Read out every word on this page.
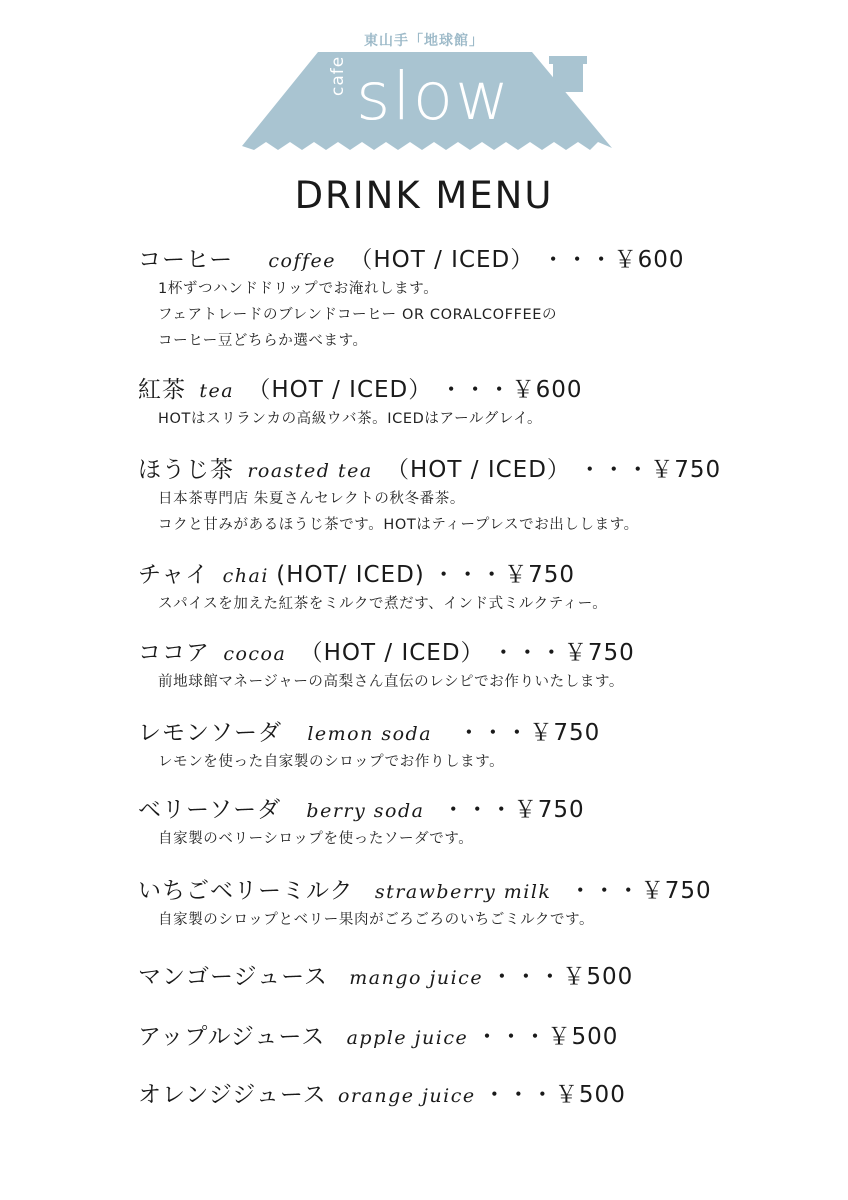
東山手「地球館」
cafe slow
DRINK MENU
コーヒー coffee （HOT / ICED） ・・・￥600
1杯ずつハンドドリップでお淹れします。
フェアトレードのブレンドコーヒー OR CORALCOFFEEの
コーヒー豆どちらか選べます。
紅茶 tea （HOT / ICED） ・・・￥600
HOTはスリランカの高級ウバ茶。ICEDはアールグレイ。
ほうじ茶 roasted tea （HOT / ICED） ・・・￥750
日本茶専門店 朱夏さんセレクトの秋冬番茶。
コクと甘みがあるほうじ茶です。HOTはティープレスでお出しします。
チャイ chai (HOT/ ICED) ・・・￥750
スパイスを加えた紅茶をミルクで煮だす、インド式ミルクティー。
ココア cocoa （HOT / ICED） ・・・￥750
前地球館マネージャーの高梨さん直伝のレシピでお作りいたします。
レモンソーダ lemon soda ・・・￥750
レモンを使った自家製のシロップでお作りします。
ベリーソーダ berry soda ・・・￥750
自家製のベリーシロップを使ったソーダです。
いちごベリーミルク strawberry milk ・・・￥750
自家製のシロップとベリー果肉がごろごろのいちごミルクです。
マンゴージュース mango juice ・・・￥500
アップルジュース apple juice ・・・￥500
オレンジジュース orange juice ・・・￥500
